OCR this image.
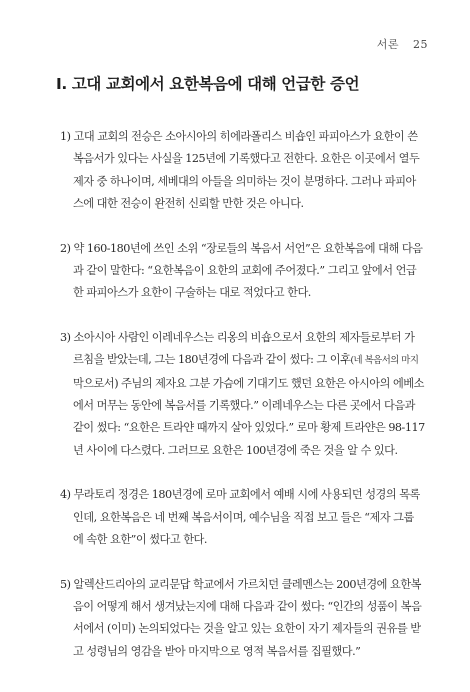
서론 25
I. 고대 교회에서 요한복음에 대해 언급한 증언

1) 고대 교회의 전승은 소아시아의 히에라폴리스 비숍인 파피아스가 요한이 쓴
복음서가 있다는 사실을 125년에 기록했다고 전한다. 요한은 이곳에서 열두
제자 중 하나이며, 세베대의 아들을 의미하는 것이 분명하다. 그러나 파피아
스에 대한 전승이 완전히 신뢰할 만한 것은 아니다.

2) 약 160-180년에 쓰인 소위 “장로들의 복음서 서언”은 요한복음에 대해 다음
과 같이 말한다: “요한복음이 요한의 교회에 주어졌다.” 그리고 앞에서 언급
한 파피아스가 요한이 구술하는 대로 적었다고 한다.

3) 소아시아 사람인 이레네우스는 리옹의 비숍으로서 요한의 제자들로부터 가
르침을 받았는데, 그는 180년경에 다음과 같이 썼다: 그 이후(네 복음서의 마지
막으로서) 주님의 제자요 그분 가슴에 기대기도 했던 요한은 아시아의 에베소
에서 머무는 동안에 복음서를 기록했다.” 이레네우스는 다른 곳에서 다음과
같이 썼다: “요한은 트라얀 때까지 살아 있었다.” 로마 황제 트라얀은 98-117
년 사이에 다스렸다. 그러므로 요한은 100년경에 죽은 것을 알 수 있다.

4) 무라토리 정경은 180년경에 로마 교회에서 예배 시에 사용되던 성경의 목록
인데, 요한복음은 네 번째 복음서이며, 예수님을 직접 보고 들은 “제자 그룹
에 속한 요한”이 썼다고 한다.

5) 알렉산드리아의 교리문답 학교에서 가르치던 클레멘스는 200년경에 요한복
음이 어떻게 해서 생겨났는지에 대해 다음과 같이 썼다: “인간의 성품이 복음
서에서 (이미) 논의되었다는 것을 알고 있는 요한이 자기 제자들의 권유를 받
고 성령님의 영감을 받아 마지막으로 영적 복음서를 집필했다.”
